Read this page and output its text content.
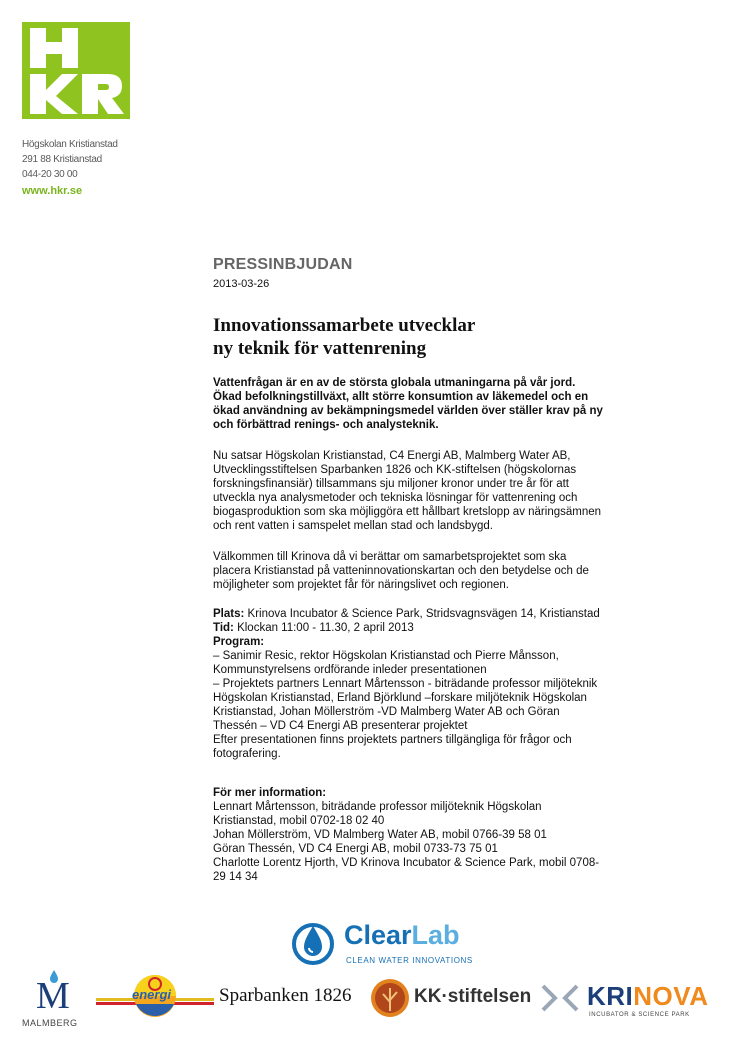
Högskolan Kristianstad
291 88 Kristianstad
044-20 30 00
www.hkr.se
PRESSINBJUDAN
2013-03-26
Innovationssamarbete utvecklar
ny teknik för vattenrening
Vattenfrågan är en av de största globala utmaningarna på vår jord.
Ökad befolkningstillväxt, allt större konsumtion av läkemedel och en
ökad användning av bekämpningsmedel världen över ställer krav på ny
och förbättrad renings- och analysteknik.
Nu satsar Högskolan Kristianstad, C4 Energi AB, Malmberg Water AB,
Utvecklingsstiftelsen Sparbanken 1826 och KK-stiftelsen (högskolornas
forskningsfinansiär) tillsammans sju miljoner kronor under tre år för att
utveckla nya analysmetoder och tekniska lösningar för vattenrening och
biogasproduktion som ska möjliggöra ett hållbart kretslopp av näringsämnen
och rent vatten i samspelet mellan stad och landsbygd.
Välkommen till Krinova då vi berättar om samarbetsprojektet som ska
placera Kristianstad på vatteninnovationskartan och den betydelse och de
möjligheter som projektet får för näringslivet och regionen.
Plats: Krinova Incubator & Science Park, Stridsvagnsvägen 14, Kristianstad
Tid: Klockan 11:00 - 11.30, 2 april 2013
Program:
– Sanimir Resic, rektor Högskolan Kristianstad och Pierre Månsson,
Kommunstyrelsens ordförande inleder presentationen
– Projektets partners Lennart Mårtensson - biträdande professor miljöteknik
Högskolan Kristianstad, Erland Björklund –forskare miljöteknik Högskolan
Kristianstad, Johan Möllerström -VD Malmberg Water AB och Göran
Thessén – VD C4 Energi AB presenterar projektet
Efter presentationen finns projektets partners tillgängliga för frågor och
fotografering.
För mer information:
Lennart Mårtensson, biträdande professor miljöteknik Högskolan
Kristianstad, mobil 0702-18 02 40
Johan Möllerström, VD Malmberg Water AB, mobil 0766-39 58 01
Göran Thessén, VD C4 Energi AB, mobil 0733-73 75 01
Charlotte Lorentz Hjorth, VD Krinova Incubator & Science Park, mobil 0708-
29 14 34
ClearLab
CLEAN WATER INNOVATIONS
M
MALMBERG
energi	Sparbanken 1826	KK·stiftelsen KRINOVA
INCUBATOR & SCIENCE PARK
